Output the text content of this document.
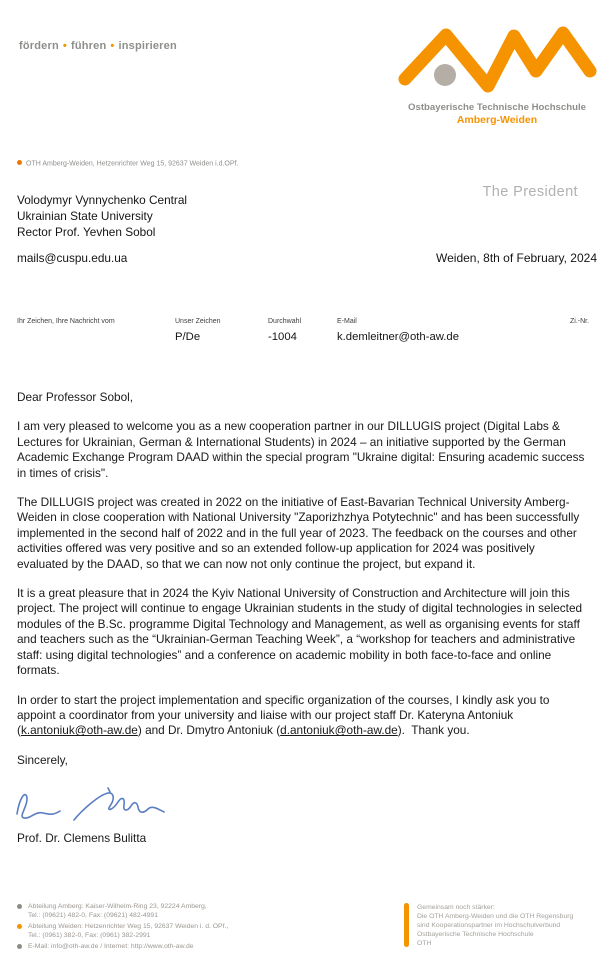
fördern • führen • inspirieren
Ostbayerische Technische Hochschule
Amberg-Weiden
The President
OTH Amberg-Weiden, Hetzenrichter Weg 15, 92637 Weiden i.d.OPf.
Volodymyr Vynnychenko Central
Ukrainian State University
Rector Prof. Yevhen Sobol
mails@cuspu.edu.ua	Weiden, 8th of February, 2024
Ihr Zeichen, Ihre Nachricht vom	Unser Zeichen
P/De
Durchwahl
-1004
E-Mail
k.demleitner@oth-aw.de
Zi.-Nr.

Dear Professor Sobol,

I am very pleased to welcome you as a new cooperation partner in our DILLUGIS project (Digital Labs & Lectures for Ukrainian, German & International Students) in 2024 – an initiative supported by the German Academic Exchange Program DAAD within the special program "Ukraine digital: Ensuring academic success in times of crisis".

The DILLUGIS project was created in 2022 on the initiative of East-Bavarian Technical University Amberg-Weiden in close cooperation with National University "Zaporizhzhya Potytechnic" and has been successfully implemented in the second half of 2022 and in the full year of 2023. The feedback on the courses and other activities offered was very positive and so an extended follow-up application for 2024 was positively evaluated by the DAAD, so that we can now not only continue the project, but expand it.

It is a great pleasure that in 2024 the Kyiv National University of Construction and Architecture will join this project. The project will continue to engage Ukrainian students in the study of digital technologies in selected modules of the B.Sc. programme Digital Technology and Management, as well as organising events for staff and teachers such as the “Ukrainian-German Teaching Week”, a “workshop for teachers and administrative staff: using digital technologies” and a conference on academic mobility in both face-to-face and online formats.

In order to start the project implementation and specific organization of the courses, I kindly ask you to appoint a coordinator from your university and liaise with our project staff Dr. Kateryna Antoniuk (k.antoniuk@oth-aw.de) and Dr. Dmytro Antoniuk (d.antoniuk@oth-aw.de).  Thank you.

Sincerely,

Prof. Dr. Clemens Bulitta
Abteilung Amberg: Kaiser-Wilhelm-Ring 23, 92224 Amberg,
Tel.: (09621) 482-0, Fax: (09621) 482-4991
Abteilung Weiden: Hetzenrichter Weg 15, 92637 Weiden i. d. OPf.,
Tel.: (0961) 382-0, Fax: (0961) 382-2991
E-Mail: info@oth-aw.de / Internet: http://www.oth-aw.de
Gemeinsam noch stärker:
Die OTH Amberg-Weiden und die OTH Regensburg
sind Kooperationspartner im Hochschulverbund
Ostbayerische Technische Hochschule
OTH
